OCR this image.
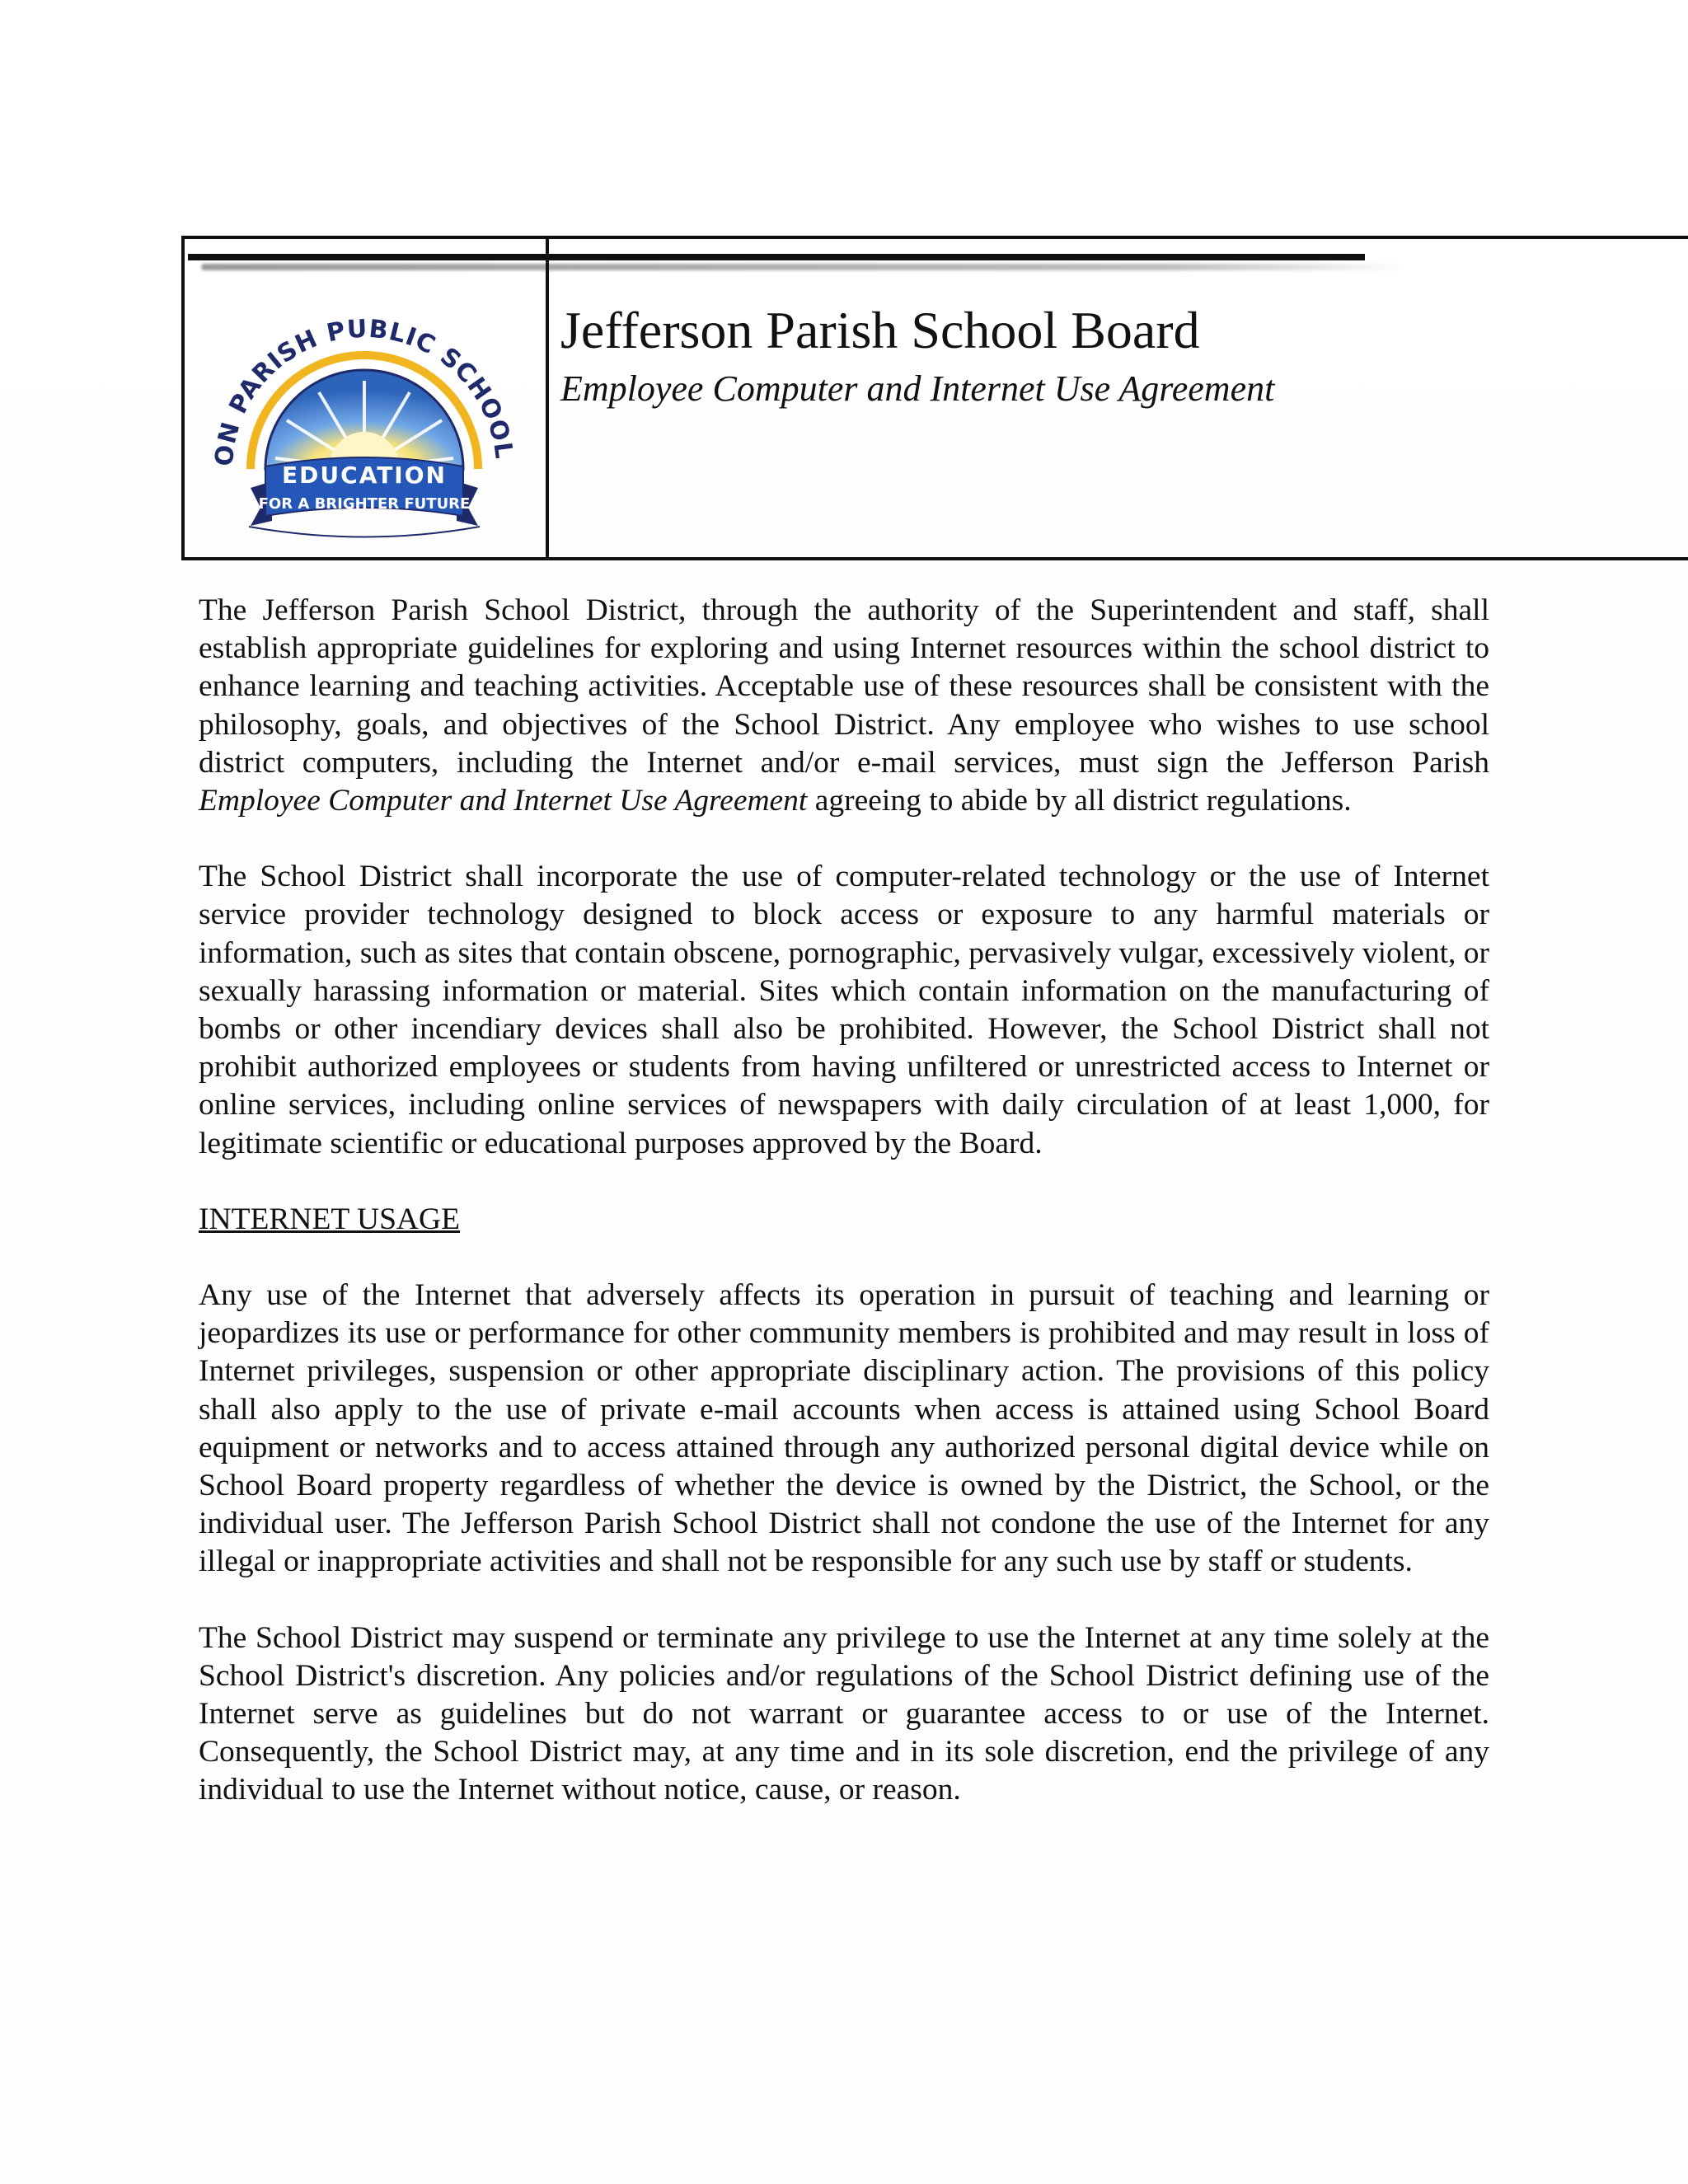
ON PARISH PUBLIC SCHOOL
EDUCATION
FOR A BRIGHTER FUTURE
Jefferson Parish School Board

Employee Computer and Internet Use Agreement

The Jefferson Parish School District, through the authority of the Superintendent and staff, shall establish appropriate guidelines for exploring and using Internet resources within the school district to enhance learning and teaching activities. Acceptable use of these resources shall be consistent with the philosophy, goals, and objectives of the School District. Any employee who wishes to use school district computers, including the Internet and/or e-mail services, must sign the Jefferson Parish Employee Computer and Internet Use Agreement agreeing to abide by all district regulations.

The School District shall incorporate the use of computer-related technology or the use of Internet service provider technology designed to block access or exposure to any harmful materials or information, such as sites that contain obscene, pornographic, pervasively vulgar, excessively violent, or sexually harassing information or material. Sites which contain information on the manufacturing of bombs or other incendiary devices shall also be prohibited. However, the School District shall not prohibit authorized employees or students from having unfiltered or unrestricted access to Internet or online services, including online services of newspapers with daily circulation of at least 1,000, for legitimate scientific or educational purposes approved by the Board.

INTERNET USAGE

Any use of the Internet that adversely affects its operation in pursuit of teaching and learning or jeopardizes its use or performance for other community members is prohibited and may result in loss of Internet privileges, suspension or other appropriate disciplinary action. The provisions of this policy shall also apply to the use of private e-mail accounts when access is attained using School Board equipment or networks and to access attained through any authorized personal digital device while on School Board property regardless of whether the device is owned by the District, the School, or the individual user. The Jefferson Parish School District shall not condone the use of the Internet for any illegal or inappropriate activities and shall not be responsible for any such use by staff or students.

The School District may suspend or terminate any privilege to use the Internet at any time solely at the School District's discretion. Any policies and/or regulations of the School District defining use of the Internet serve as guidelines but do not warrant or guarantee access to or use of the Internet. Consequently, the School District may, at any time and in its sole discretion, end the privilege of any individual to use the Internet without notice, cause, or reason.
